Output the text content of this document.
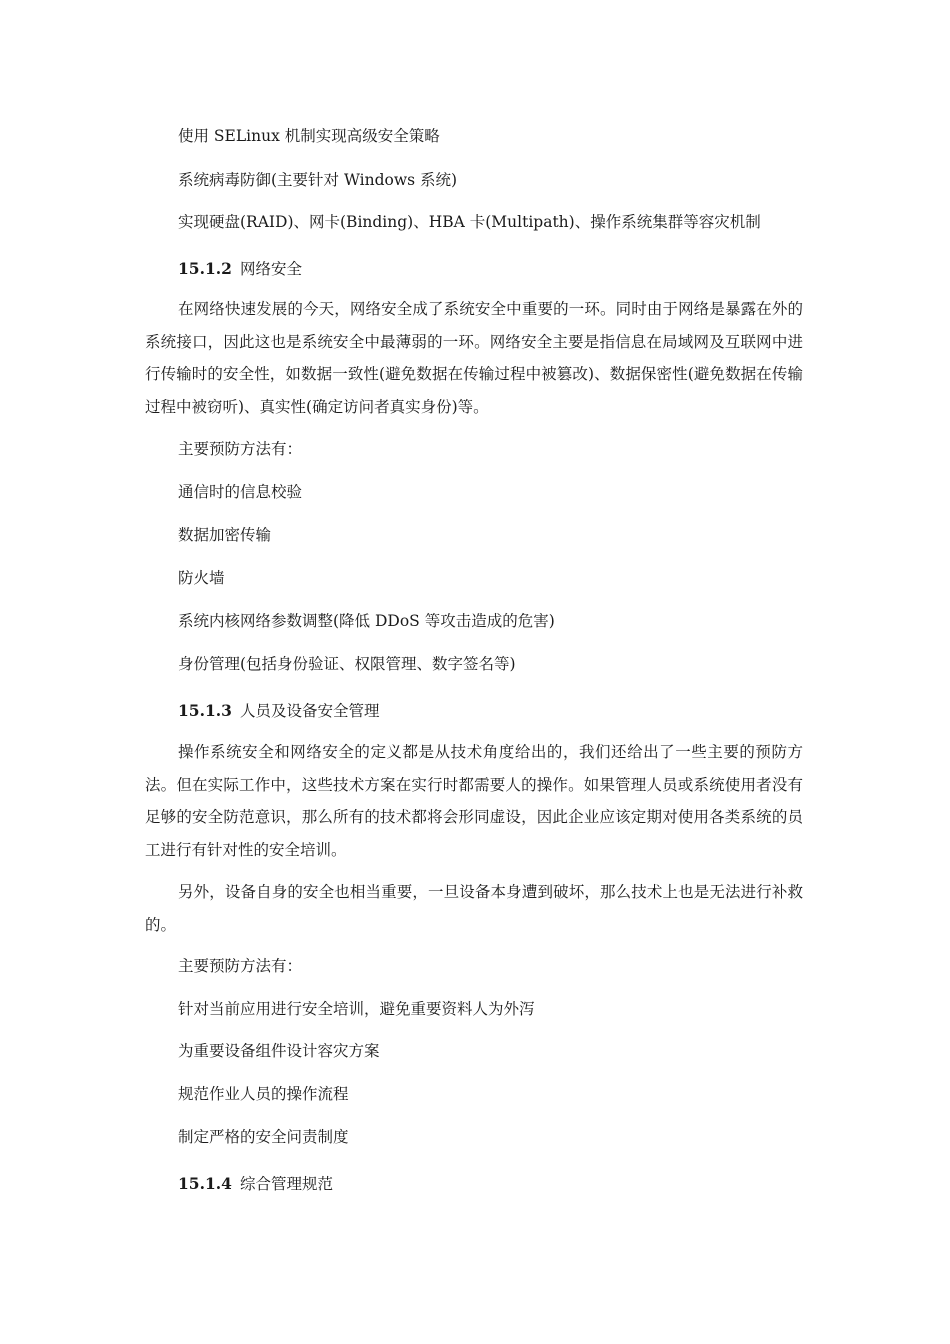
使用 SELinux 机制实现高级安全策略
系统病毒防御(主要针对 Windows 系统)
实现硬盘(RAID)、网卡(Binding)、HBA 卡(Multipath)、操作系统集群等容灾机制
15.1.2 网络安全
在网络快速发展的今天，网络安全成了系统安全中重要的一环。同时由于网络是暴露在外的系统接口，因此这也是系统安全中最薄弱的一环。网络安全主要是指信息在局域网及互联网中进行传输时的安全性，如数据一致性(避免数据在传输过程中被篡改)、数据保密性(避免数据在传输过程中被窃听)、真实性(确定访问者真实身份)等。
主要预防方法有：
通信时的信息校验
数据加密传输
防火墙
系统内核网络参数调整(降低 DDoS 等攻击造成的危害)
身份管理(包括身份验证、权限管理、数字签名等)
15.1.3 人员及设备安全管理
操作系统安全和网络安全的定义都是从技术角度给出的，我们还给出了一些主要的预防方法。但在实际工作中，这些技术方案在实行时都需要人的操作。如果管理人员或系统使用者没有足够的安全防范意识，那么所有的技术都将会形同虚设，因此企业应该定期对使用各类系统的员工进行有针对性的安全培训。
另外，设备自身的安全也相当重要，一旦设备本身遭到破坏，那么技术上也是无法进行补救的。
主要预防方法有：
针对当前应用进行安全培训，避免重要资料人为外泻
为重要设备组件设计容灾方案
规范作业人员的操作流程
制定严格的安全问责制度
15.1.4 综合管理规范
